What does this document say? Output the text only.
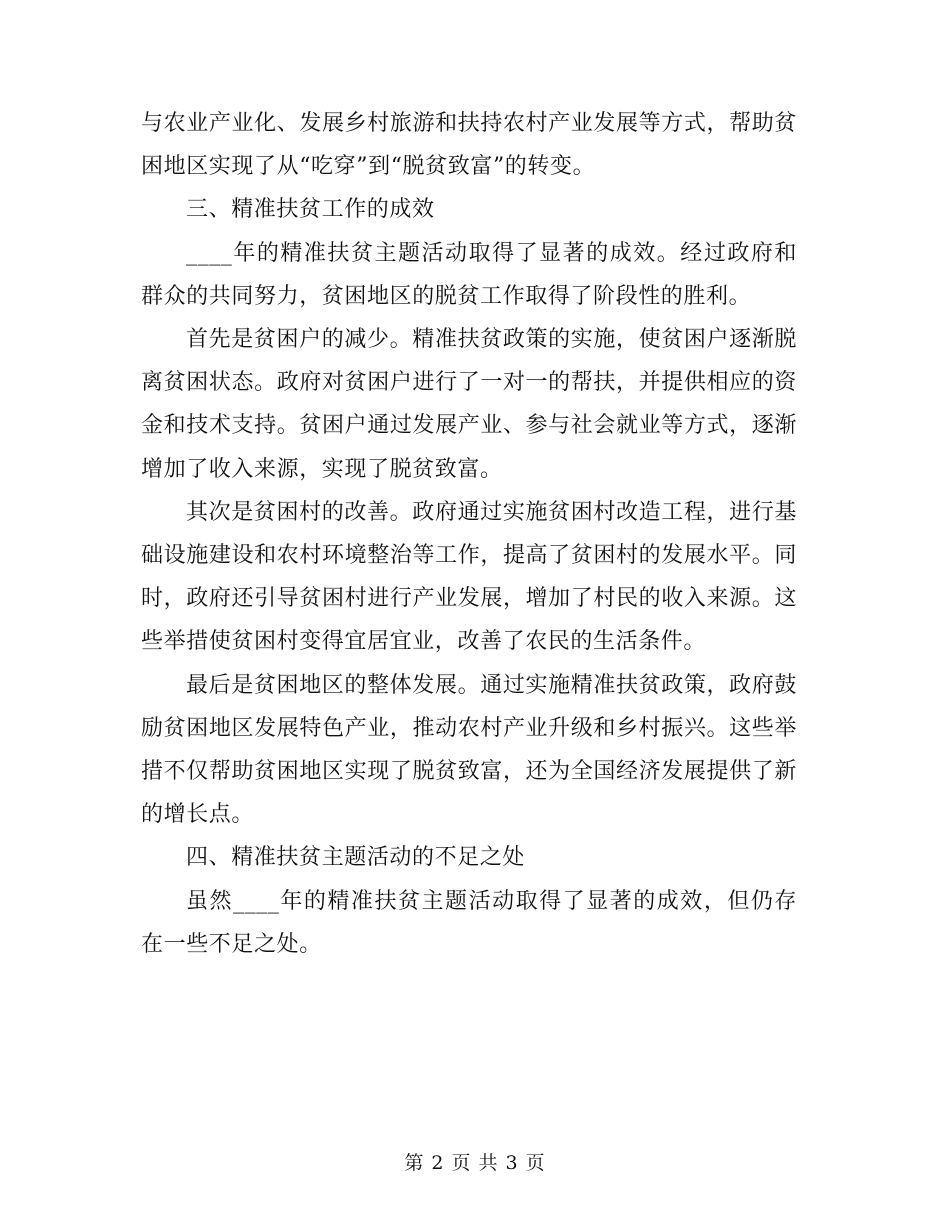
与农业产业化、发展乡村旅游和扶持农村产业发展等方式，帮助贫困地区实现了从“吃穿”到“脱贫致富”的转变。

三、精准扶贫工作的成效

____年的精准扶贫主题活动取得了显著的成效。经过政府和群众的共同努力，贫困地区的脱贫工作取得了阶段性的胜利。

首先是贫困户的减少。精准扶贫政策的实施，使贫困户逐渐脱离贫困状态。政府对贫困户进行了一对一的帮扶，并提供相应的资金和技术支持。贫困户通过发展产业、参与社会就业等方式，逐渐增加了收入来源，实现了脱贫致富。

其次是贫困村的改善。政府通过实施贫困村改造工程，进行基础设施建设和农村环境整治等工作，提高了贫困村的发展水平。同时，政府还引导贫困村进行产业发展，增加了村民的收入来源。这些举措使贫困村变得宜居宜业，改善了农民的生活条件。

最后是贫困地区的整体发展。通过实施精准扶贫政策，政府鼓励贫困地区发展特色产业，推动农村产业升级和乡村振兴。这些举措不仅帮助贫困地区实现了脱贫致富，还为全国经济发展提供了新的增长点。

四、精准扶贫主题活动的不足之处

虽然____年的精准扶贫主题活动取得了显著的成效，但仍存在一些不足之处。

第 2 页 共 3 页
